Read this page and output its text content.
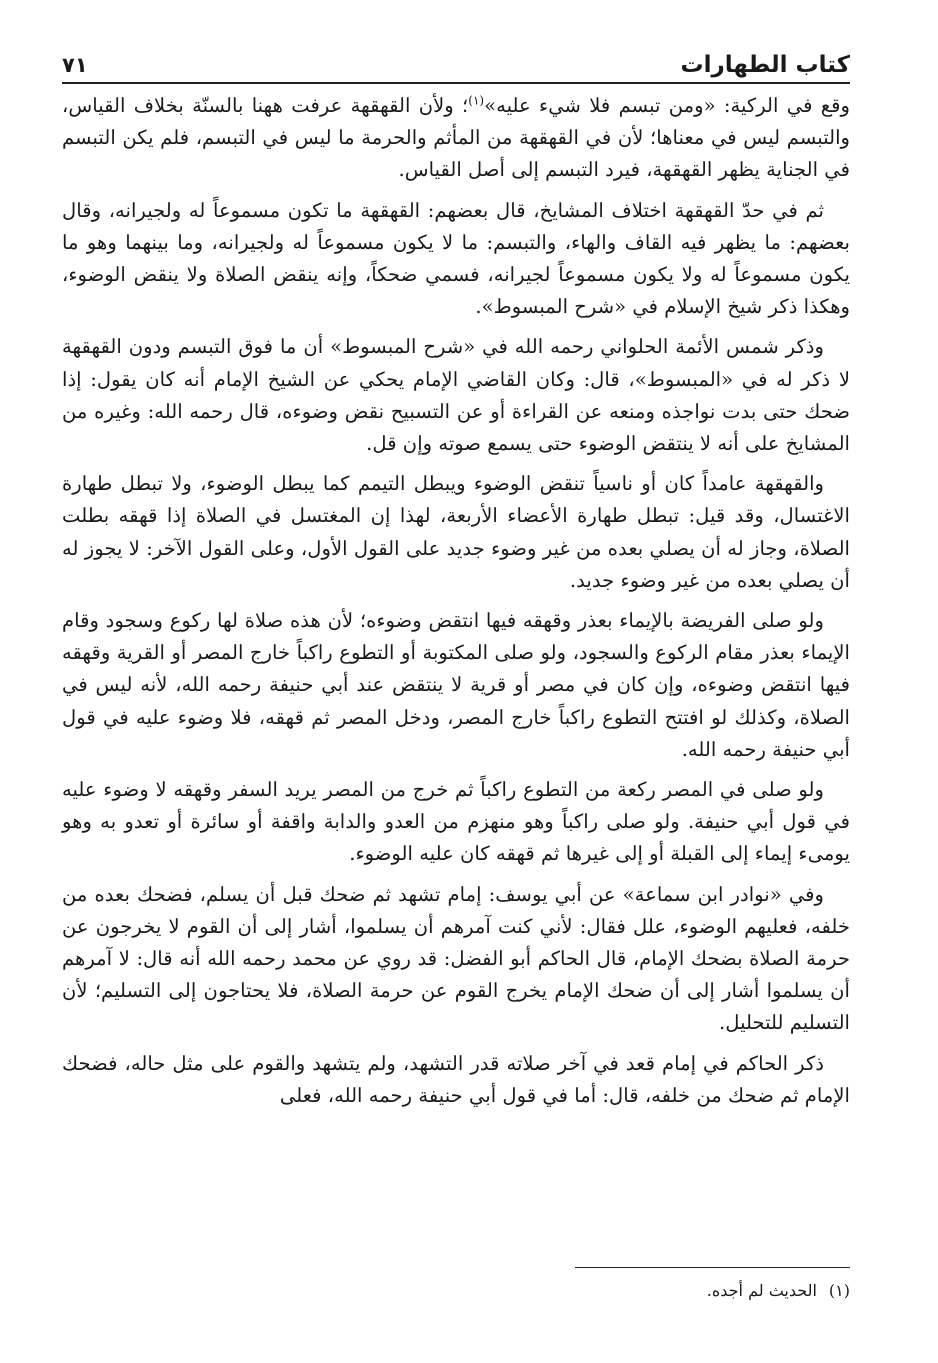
كتاب الطهارات
٧١

وقع في الركية: «ومن تبسم فلا شيء عليه»$^{(١)}$؛ ولأن القهقهة عرفت ههنا بالسنّة بخلاف القياس، والتبسم ليس في معناها؛ لأن في القهقهة من المأثم والحرمة ما ليس في التبسم، فلم يكن التبسم في الجناية يظهر القهقهة، فيرد التبسم إلى أصل القياس.

ثم في حدّ القهقهة اختلاف المشايخ، قال بعضهم: القهقهة ما تكون مسموعاً له ولجيرانه، وقال بعضهم: ما يظهر فيه القاف والهاء، والتبسم: ما لا يكون مسموعاً له ولجيرانه، وما بينهما وهو ما يكون مسموعاً له ولا يكون مسموعاً لجيرانه، فسمي ضحكاً، وإنه ينقض الصلاة ولا ينقض الوضوء، وهكذا ذكر شيخ الإسلام في «شرح المبسوط».

وذكر شمس الأئمة الحلواني رحمه الله في «شرح المبسوط» أن ما فوق التبسم ودون القهقهة لا ذكر له في «المبسوط»، قال: وكان القاضي الإمام يحكي عن الشيخ الإمام أنه كان يقول: إذا ضحك حتى بدت نواجذه ومنعه عن القراءة أو عن التسبيح نقض وضوءه، قال رحمه الله: وغيره من المشايخ على أنه لا ينتقض الوضوء حتى يسمع صوته وإن قل.

والقهقهة عامداً كان أو ناسياً تنقض الوضوء ويبطل التيمم كما يبطل الوضوء، ولا تبطل طهارة الاغتسال، وقد قيل: تبطل طهارة الأعضاء الأربعة، لهذا إن المغتسل في الصلاة إذا قهقه بطلت الصلاة، وجاز له أن يصلي بعده من غير وضوء جديد على القول الأول، وعلى القول الآخر: لا يجوز له أن يصلي بعده من غير وضوء جديد.

ولو صلى الفريضة بالإيماء بعذر وقهقه فيها انتقض وضوءه؛ لأن هذه صلاة لها ركوع وسجود وقام الإيماء بعذر مقام الركوع والسجود، ولو صلى المكتوبة أو التطوع راكباً خارج المصر أو القرية وقهقه فيها انتقض وضوءه، وإن كان في مصر أو قرية لا ينتقض عند أبي حنيفة رحمه الله، لأنه ليس في الصلاة، وكذلك لو افتتح التطوع راكباً خارج المصر، ودخل المصر ثم قهقه، فلا وضوء عليه في قول أبي حنيفة رحمه الله.

ولو صلى في المصر ركعة من التطوع راكباً ثم خرج من المصر يريد السفر وقهقه لا وضوء عليه في قول أبي حنيفة. ولو صلى راكباً وهو منهزم من العدو والدابة واقفة أو سائرة أو تعدو به وهو يومىء إيماء إلى القبلة أو إلى غيرها ثم قهقه كان عليه الوضوء.

وفي «نوادر ابن سماعة» عن أبي يوسف: إمام تشهد ثم ضحك قبل أن يسلم، فضحك بعده من خلفه، فعليهم الوضوء، علل فقال: لأني كنت آمرهم أن يسلموا، أشار إلى أن القوم لا يخرجون عن حرمة الصلاة بضحك الإمام، قال الحاكم أبو الفضل: قد روي عن محمد رحمه الله أنه قال: لا آمرهم أن يسلموا أشار إلى أن ضحك الإمام يخرج القوم عن حرمة الصلاة، فلا يحتاجون إلى التسليم؛ لأن التسليم للتحليل.

ذكر الحاكم في إمام قعد في آخر صلاته قدر التشهد، ولم يتشهد والقوم على مثل حاله، فضحك الإمام ثم ضحك من خلفه، قال: أما في قول أبي حنيفة رحمه الله، فعلى

(١)الحديث لم أجده.
